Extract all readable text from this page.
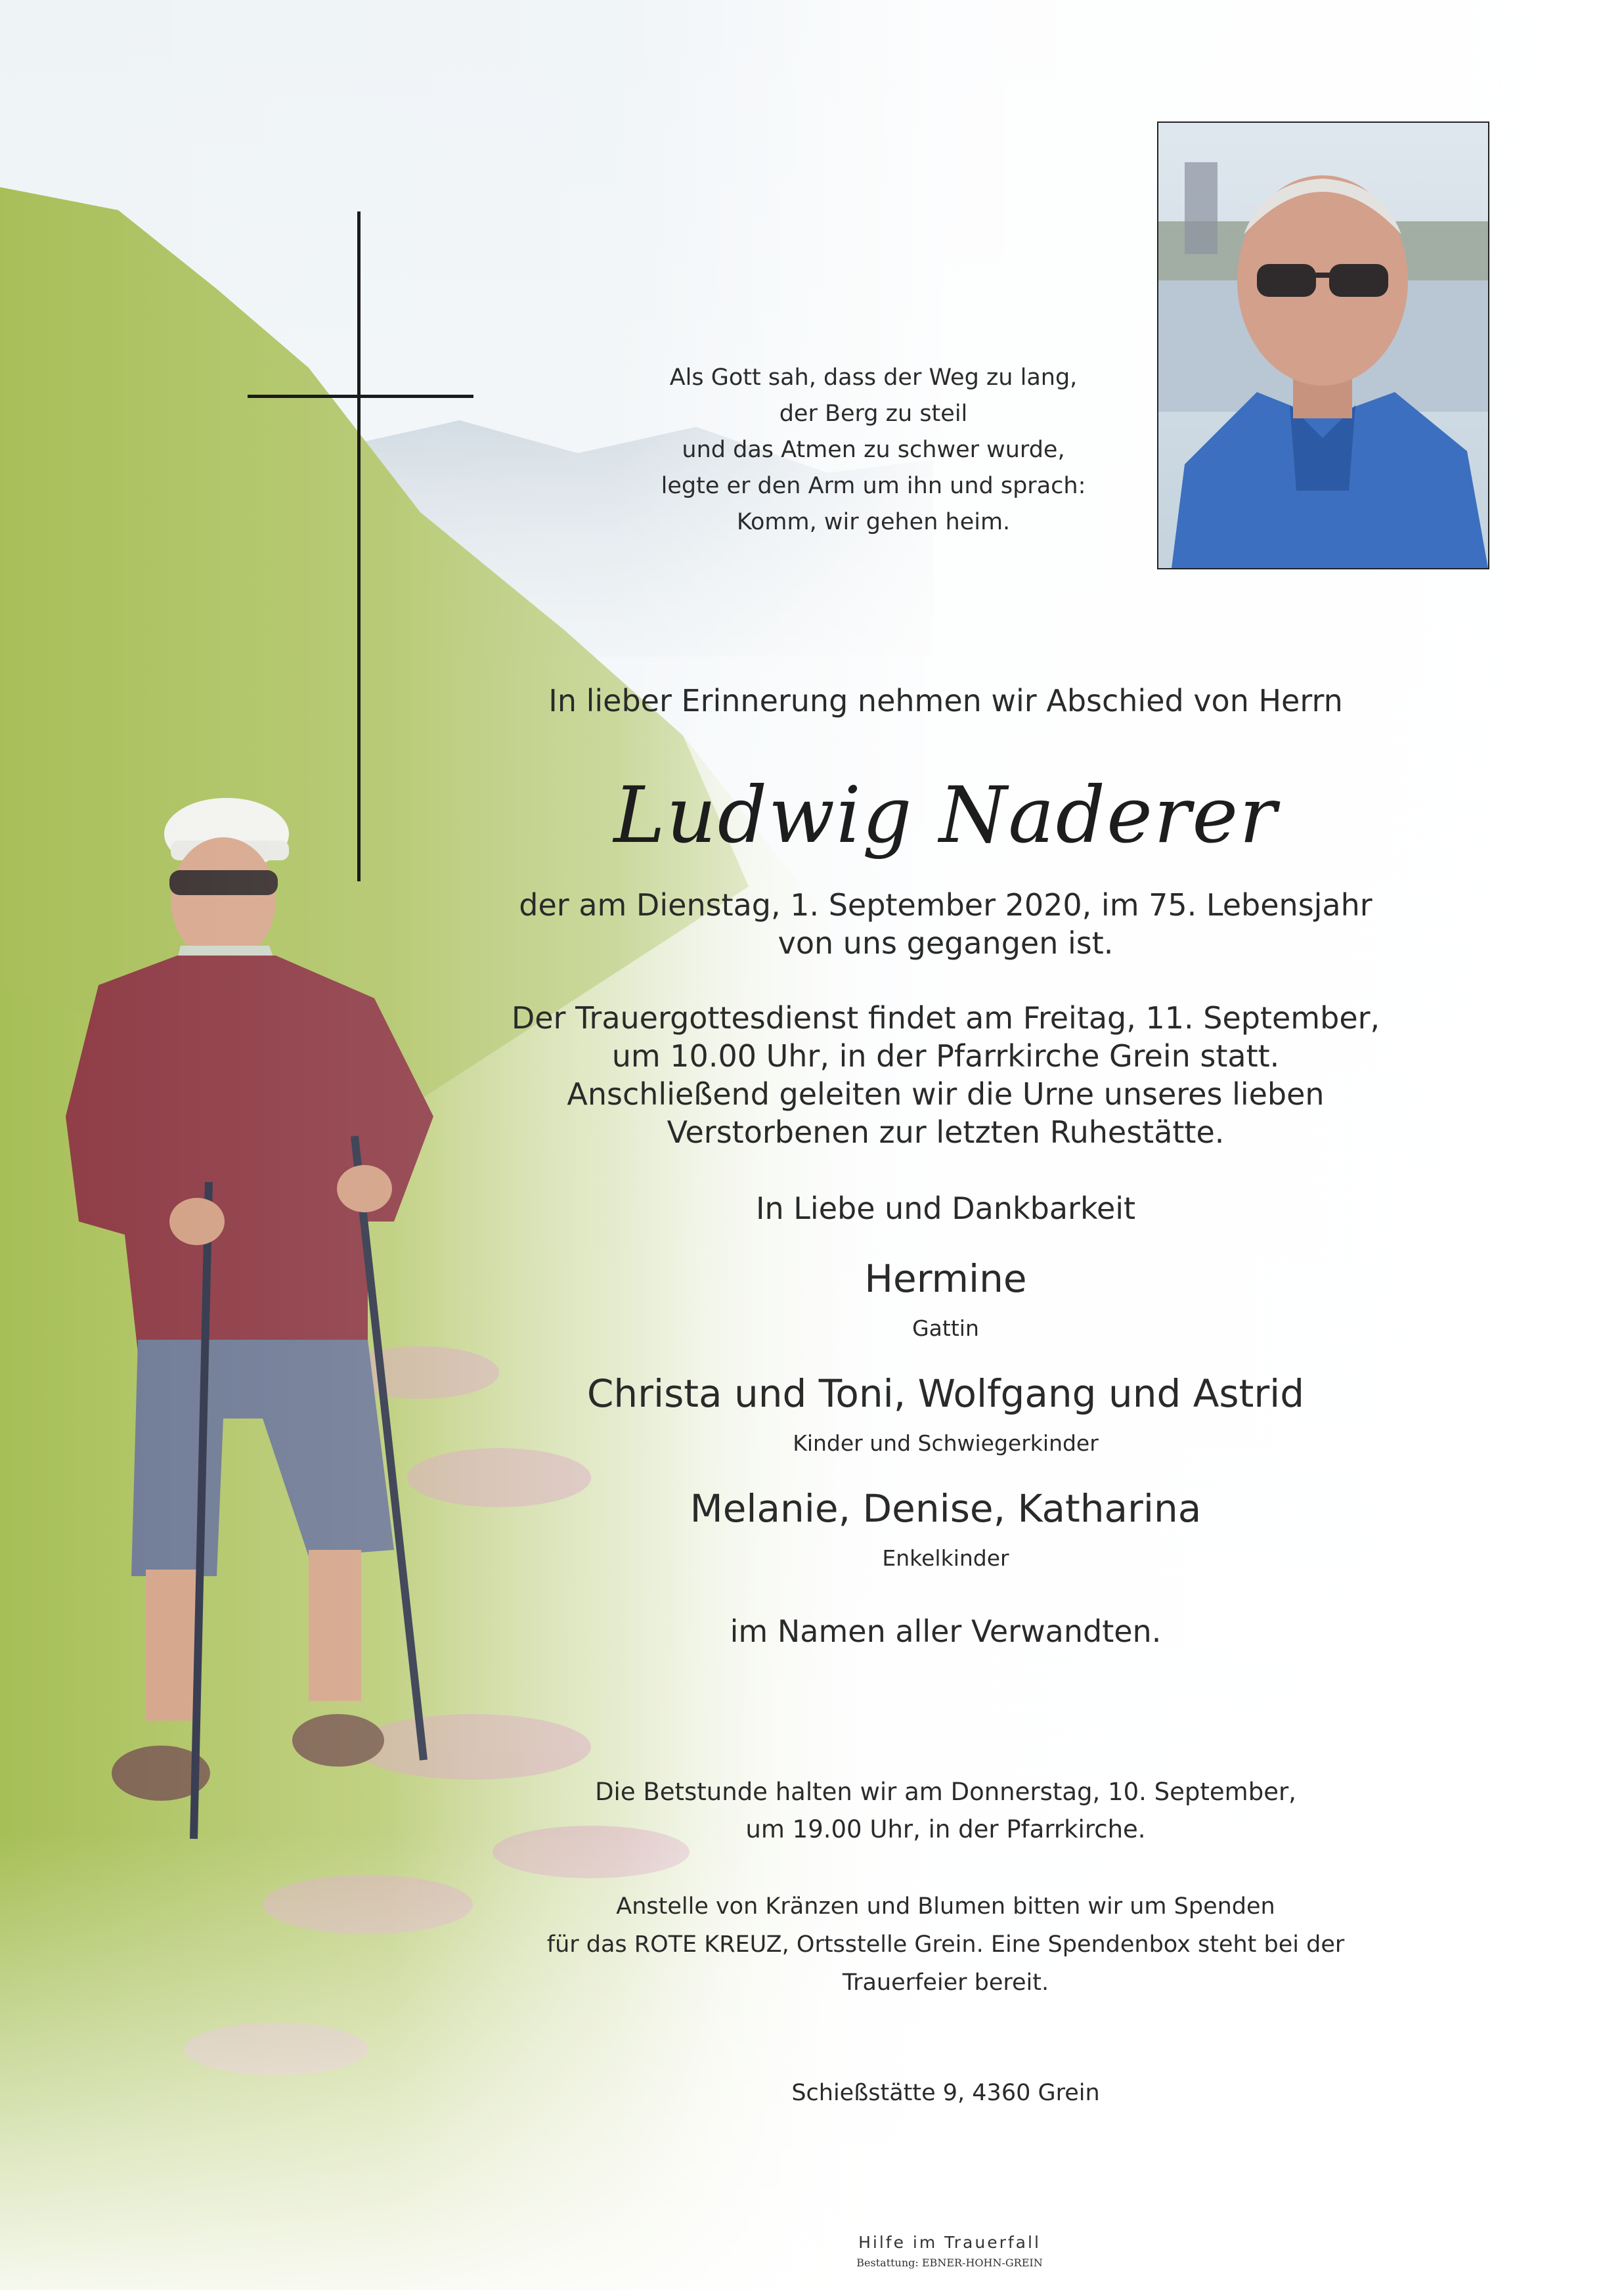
Als Gott sah, dass der Weg zu lang,
der Berg zu steil
und das Atmen zu schwer wurde,
legte er den Arm um ihn und sprach:
Komm, wir gehen heim.
In lieber Erinnerung nehmen wir Abschied von Herrn
Ludwig Naderer
der am Dienstag, 1. September 2020, im 75. Lebensjahr
von uns gegangen ist.
Der Trauergottesdienst findet am Freitag, 11. September,
um 10.00 Uhr, in der Pfarrkirche Grein statt.
Anschließend geleiten wir die Urne unseres lieben
Verstorbenen zur letzten Ruhestätte.
In Liebe und Dankbarkeit
Hermine
Gattin
Christa und Toni, Wolfgang und Astrid
Kinder und Schwiegerkinder
Melanie, Denise, Katharina
Enkelkinder
im Namen aller Verwandten.
Die Betstunde halten wir am Donnerstag, 10. September,
um 19.00 Uhr, in der Pfarrkirche.
Anstelle von Kränzen und Blumen bitten wir um Spenden
für das ROTE KREUZ, Ortsstelle Grein. Eine Spendenbox steht bei der
Trauerfeier bereit.
Schießstätte 9, 4360 Grein
Hilfe im Trauerfall
Bestattung: EBNER-HOHN-GREIN
